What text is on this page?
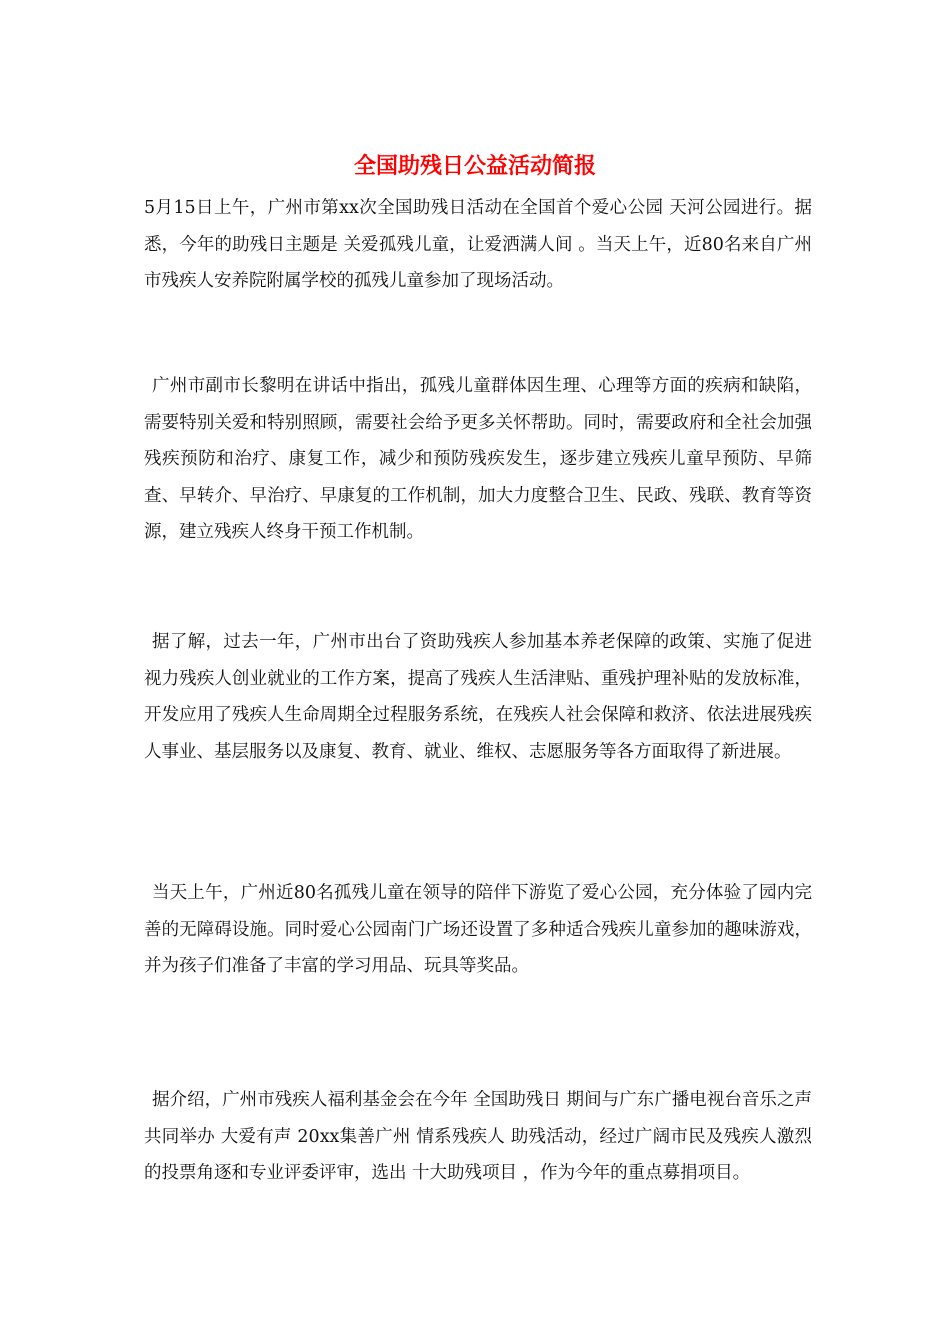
全国助残日公益活动简报

5月15日上午，广州市第xx次全国助残日活动在全国首个爱心公园 天河公园进行。据悉，今年的助残日主题是 关爱孤残儿童，让爱洒满人间 。当天上午，近80名来自广州市残疾人安养院附属学校的孤残儿童参加了现场活动。

广州市副市长黎明在讲话中指出，孤残儿童群体因生理、心理等方面的疾病和缺陷，需要特别关爱和特别照顾，需要社会给予更多关怀帮助。同时，需要政府和全社会加强残疾预防和治疗、康复工作，减少和预防残疾发生，逐步建立残疾儿童早预防、早筛查、早转介、早治疗、早康复的工作机制，加大力度整合卫生、民政、残联、教育等资源，建立残疾人终身干预工作机制。

据了解，过去一年，广州市出台了资助残疾人参加基本养老保障的政策、实施了促进视力残疾人创业就业的工作方案，提高了残疾人生活津贴、重残护理补贴的发放标准，开发应用了残疾人生命周期全过程服务系统，在残疾人社会保障和救济、依法进展残疾人事业、基层服务以及康复、教育、就业、维权、志愿服务等各方面取得了新进展。

当天上午，广州近80名孤残儿童在领导的陪伴下游览了爱心公园，充分体验了园内完善的无障碍设施。同时爱心公园南门广场还设置了多种适合残疾儿童参加的趣味游戏，并为孩子们准备了丰富的学习用品、玩具等奖品。

据介绍，广州市残疾人福利基金会在今年 全国助残日 期间与广东广播电视台音乐之声共同举办 大爱有声 20xx集善广州 情系残疾人 助残活动，经过广阔市民及残疾人激烈的投票角逐和专业评委评审，选出 十大助残项目 ，作为今年的重点募捐项目。
